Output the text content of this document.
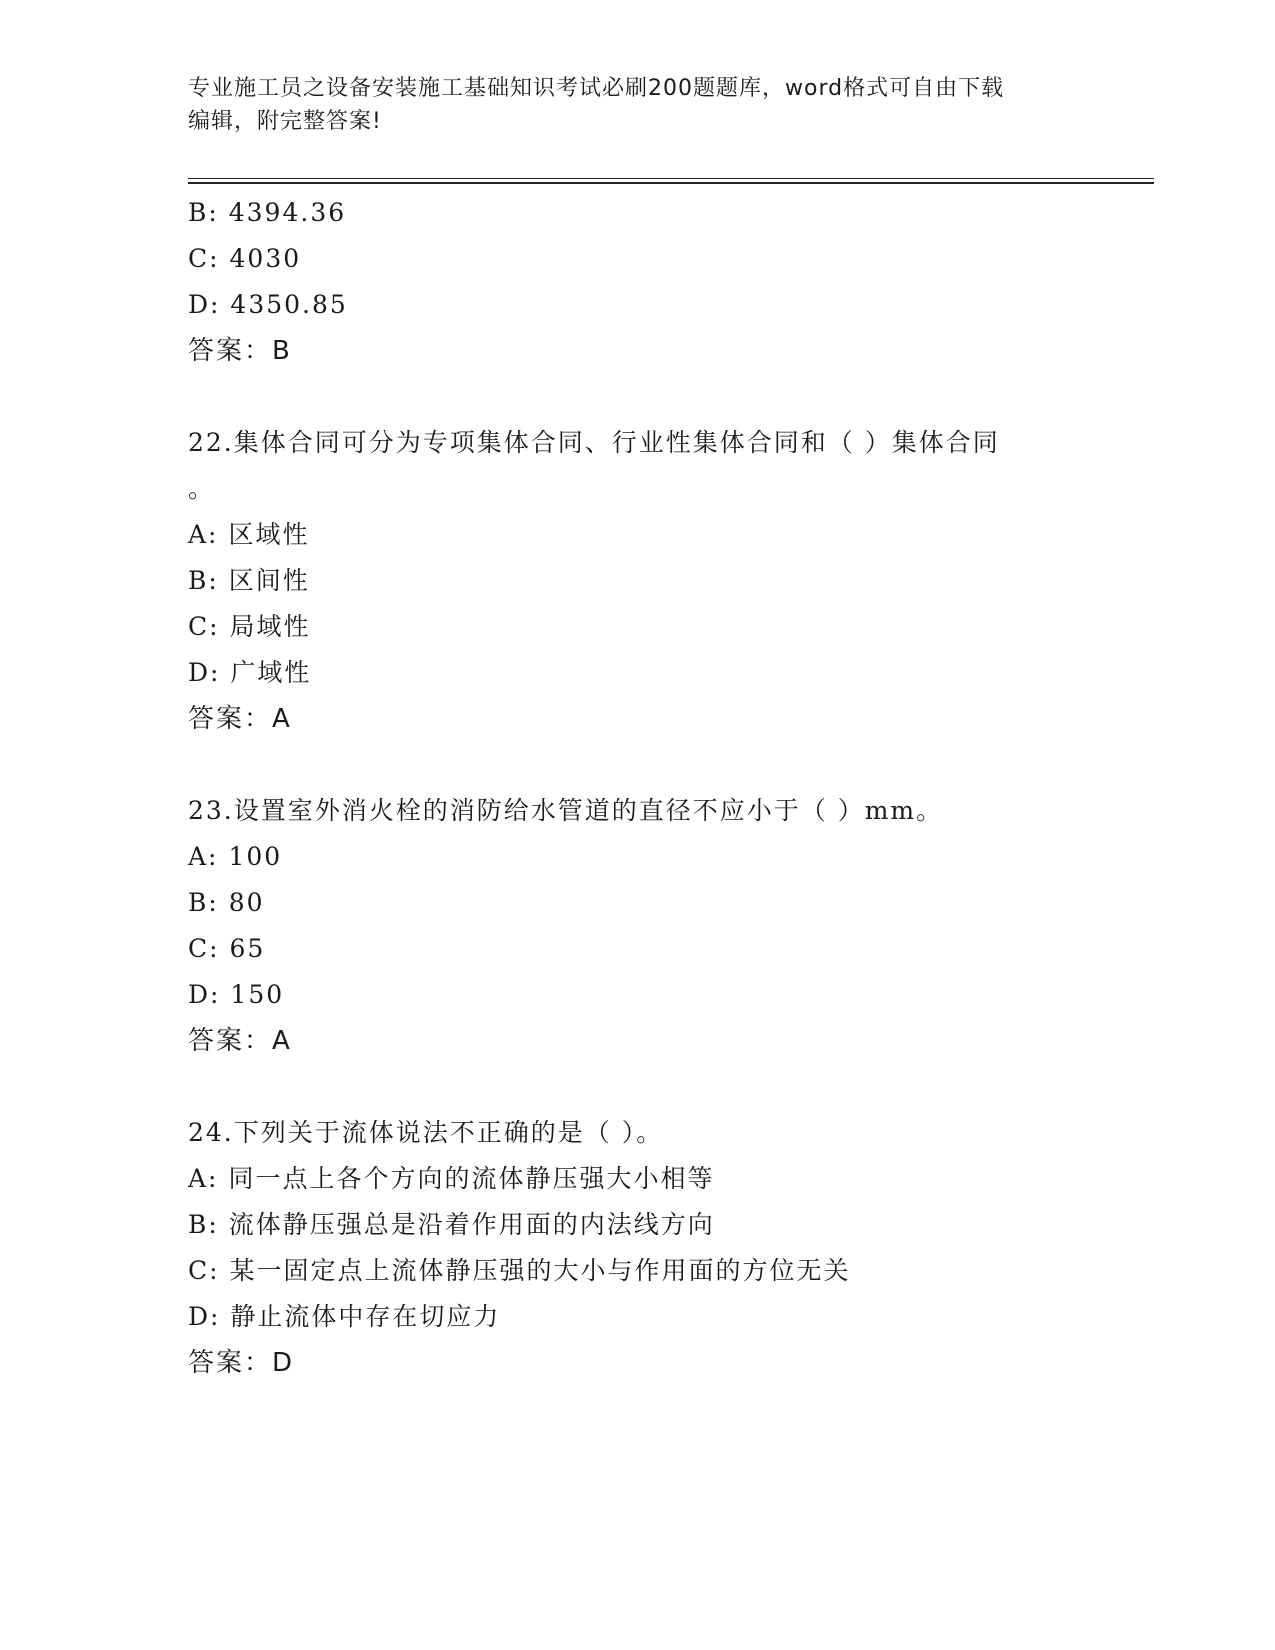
专业施工员之设备安装施工基础知识考试必刷200题题库，word格式可自由下载
编辑，附完整答案!
B: 4394.36
C: 4030
D: 4350.85
答案：B
22.集体合同可分为专项集体合同、行业性集体合同和（ ）集体合同
。
A: 区域性
B: 区间性
C: 局域性
D: 广域性
答案：A
23.设置室外消火栓的消防给水管道的直径不应小于（ ）mm。
A: 100
B: 80
C: 65
D: 150
答案：A
24.下列关于流体说法不正确的是（ ）。
A: 同一点上各个方向的流体静压强大小相等
B: 流体静压强总是沿着作用面的内法线方向
C: 某一固定点上流体静压强的大小与作用面的方位无关
D: 静止流体中存在切应力
答案：D
